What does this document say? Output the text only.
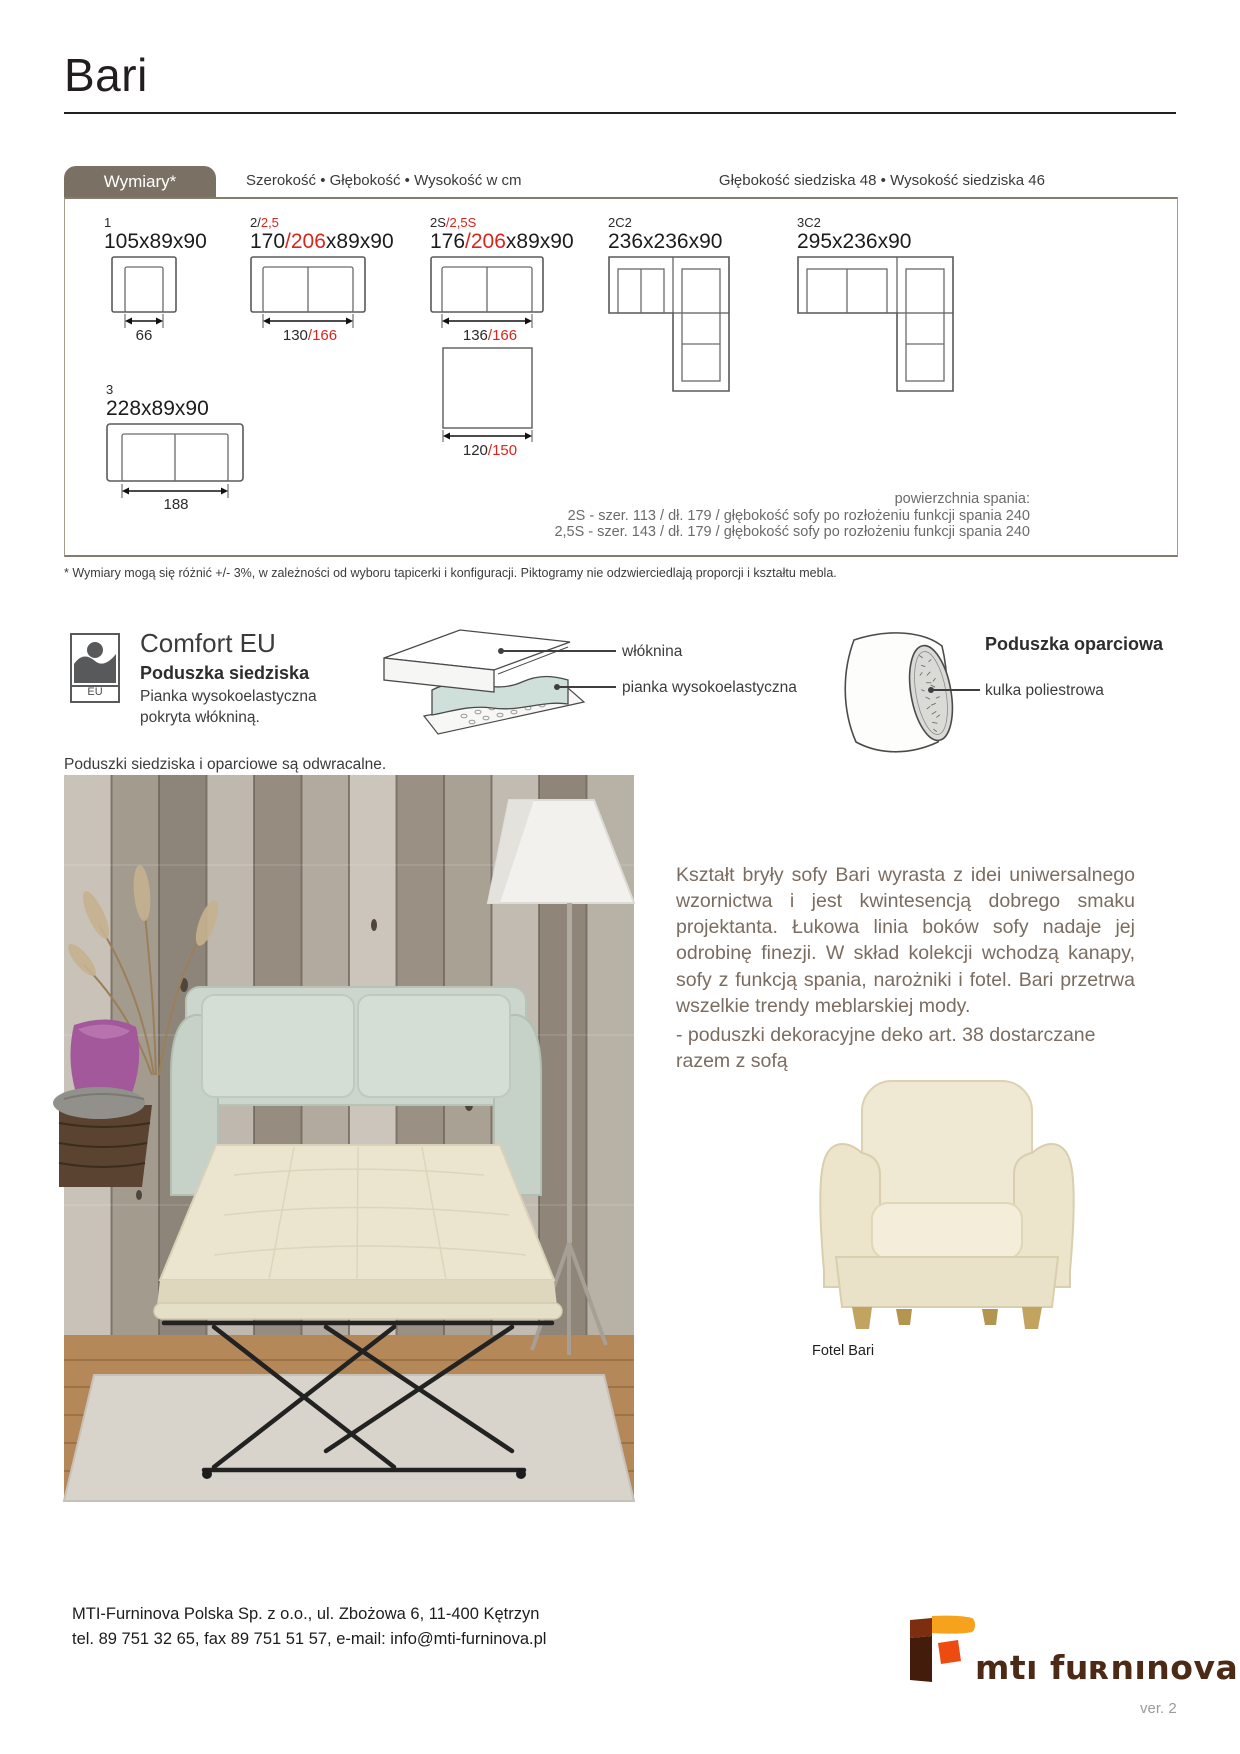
Bari
Wymiary*	Szerokość • Głębokość • Wysokość w cm	Głębokość siedziska 48 • Wysokość siedziska 46
1
105x89x90
66
2/2,5
170/206x89x90
130/166
2S/2,5S
176/206x89x90
136/166
120/150
2C2
236x236x90
3C2
295x236x90
3
228x89x90
188	powierzchnia spania:
2S - szer. 113 / dł. 179 / głębokość sofy po rozłożeniu funkcji spania 240
2,5S - szer. 143 / dł. 179 / głębokość sofy po rozłożeniu funkcji spania 240
* Wymiary mogą się różnić +/- 3%, w zależności od wyboru tapicerki i konfiguracji. Piktogramy nie odzwierciedlają proporcji i kształtu mebla.
EU
Comfort EU
Poduszka siedziska
Pianka wysokoelastyczna pokryta włókniną.
włóknina
pianka wysokoelastyczna
Poduszka oparciowa
kulka poliestrowa
Poduszki siedziska i oparciowe są odwracalne.
Kształt bryły sofy Bari wyrasta z idei uniwersalnego wzornictwa i jest kwintesencją dobrego smaku projektanta. Łukowa linia boków sofy nadaje jej odrobinę finezji. W skład kolekcji wchodzą kanapy, sofy z funkcją spania, narożniki i fotel. Bari przetrwa wszelkie trendy meblarskiej mody.
- poduszki dekoracyjne deko art. 38 dostarczane razem z sofą
Fotel Bari
MTI-Furninova Polska Sp. z o.o., ul. Zbożowa 6, 11-400 Kętrzyn
tel. 89 751 32 65, fax 89 751 51 57, e-mail: info@mti-furninova.pl
mtı fuʀnınova
ver. 2
